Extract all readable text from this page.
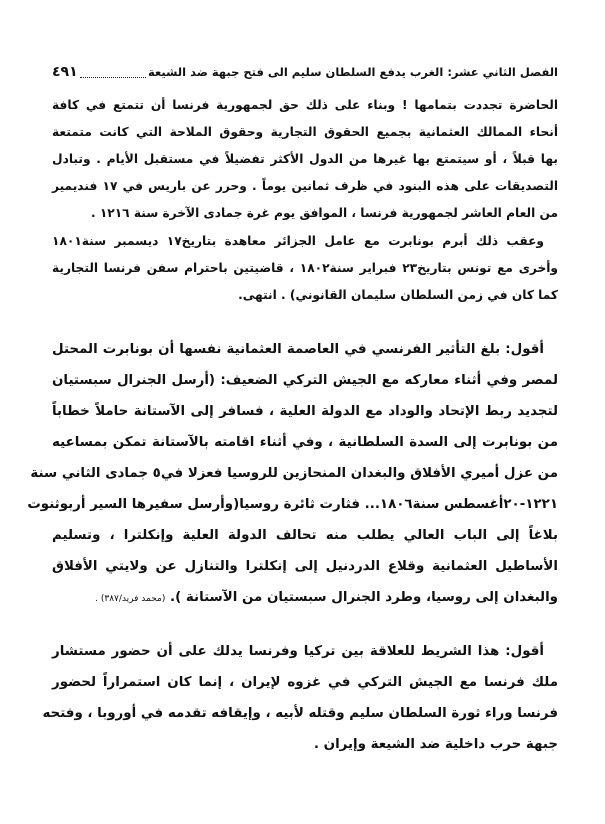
الفصل الثاني عشر: الغرب يدفع السلطان سليم الى فتح جبهة ضد الشيعة
٤٩١
الحاضرة تجددت بتمامها ! وبناء على ذلك حق لجمهورية فرنسا أن تتمتع في كافة
أنحاء الممالك العثمانية بجميع الحقوق التجارية وحقوق الملاحة التي كانت متمتعة
بها قبلاً ، أو سيتمتع بها غيرها من الدول الأكثر تفضيلاً في مستقبل الأيام . وتبادل
التصديقات على هذه البنود في ظرف ثمانين يوماً . وحرر عن باريس في ١٧ فنديمير
من العام العاشر لجمهورية فرنسا ، الموافق يوم غرة جمادى الآخرة سنة ١٢١٦ .
وعقب ذلك أبرم بونابرت مع عامل الجزائر معاهدة بتاريخ١٧ ديسمبر سنة١٨٠١
وأخرى مع تونس بتاريخ٢٣ فبراير سنة١٨٠٢ ، قاضيتين باحترام سفن فرنسا التجارية
كما كان في زمن السلطان سليمان القانوني) . انتهى.
أقول: بلغ التأثير الفرنسي في العاصمة العثمانية نفسها أن بونابرت المحتل
لمصر وفي أثناء معاركه مع الجيش التركي الضعيف: (أرسل الجنرال سبستيان
لتجديد ربط الإتحاد والوداد مع الدولة العلية ، فسافر إلى الآستانة حاملاً خطاباً
من بونابرت إلى السدة السلطانية ، وفي أثناء اقامته بالآستانة تمكن بمساعيه
من عزل أميري الأفلاق والبغدان المنحازين للروسيا فعزلا في٥ جمادى الثاني سنة
١٢٢١-٢٠أغسطس سنة١٨٠٦... فثارت ثائرة روسيا(وأرسل سفيرها السير أربوثنوت
بلاغاً إلى الباب العالي يطلب منه تحالف الدولة العلية وإنكلترا ، وتسليم
الأساطيل العثمانية وقلاع الدردنيل إلى إنكلترا والتنازل عن ولايتي الأفلاق
والبغدان إلى روسيا، وطرد الجنرال سبستيان من الآستانة ). (محمد فريد/٣٨٧) .
أقول: هذا الشريط للعلاقة بين تركيا وفرنسا يدلك على أن حضور مستشار
ملك فرنسا مع الجيش التركي في غزوه لإيران ، إنما كان استمراراً لحضور
فرنسا وراء ثورة السلطان سليم وقتله لأبيه ، وإيقافه تقدمه في أوروبا ، وفتحه
جبهة حرب داخلية ضد الشيعة وإيران .
